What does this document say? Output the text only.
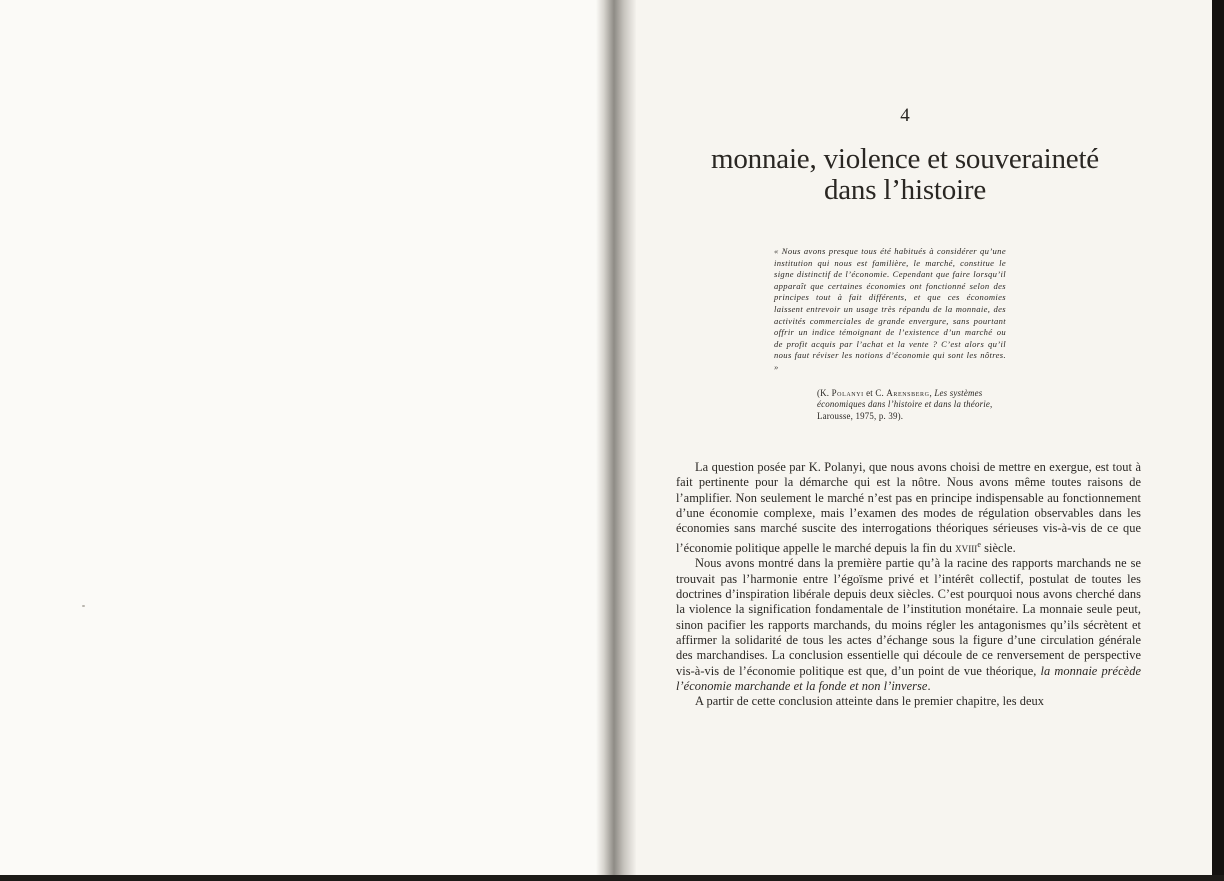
4
monnaie, violence et souveraineté
dans l’histoire
« Nous avons presque tous été habitués à considérer qu’une institution qui nous est familière, le marché, constitue le signe distinctif de l’économie. Cependant que faire lorsqu’il apparaît que certaines économies ont fonctionné selon des principes tout à fait différents, et que ces économies laissent entrevoir un usage très répandu de la monnaie, des activités commerciales de grande envergure, sans pourtant offrir un indice témoignant de l’existence d’un marché ou de profit acquis par l’achat et la vente ? C’est alors qu’il nous faut réviser les notions d’économie qui sont les nôtres. »
(K. Polanyi et C. Arensberg, Les systèmes économiques dans l’histoire et dans la théorie, Larousse, 1975, p. 39).

La question posée par K. Polanyi, que nous avons choisi de mettre en exergue, est tout à fait pertinente pour la démarche qui est la nôtre. Nous avons même toutes raisons de l’amplifier. Non seulement le marché n’est pas en principe indispensable au fonctionnement d’une économie complexe, mais l’examen des modes de régulation observables dans les économies sans marché suscite des interrogations théoriques sérieuses vis-à-vis de ce que l’économie politique appelle le marché depuis la fin du xviii$^e$ siècle.

Nous avons montré dans la première partie qu’à la racine des rapports marchands ne se trouvait pas l’harmonie entre l’égoïsme privé et l’intérêt collectif, postulat de toutes les doctrines d’inspiration libérale depuis deux siècles. C’est pourquoi nous avons cherché dans la violence la signification fondamentale de l’institution monétaire. La monnaie seule peut, sinon pacifier les rapports marchands, du moins régler les antagonismes qu’ils sécrètent et affirmer la solidarité de tous les actes d’échange sous la figure d’une circulation générale des marchandises. La conclusion essentielle qui découle de ce renversement de perspective vis-à-vis de l’économie politique est que, d’un point de vue théorique, la monnaie précède l’économie marchande et la fonde et non l’inverse.

A partir de cette conclusion atteinte dans le premier chapitre, les deux
